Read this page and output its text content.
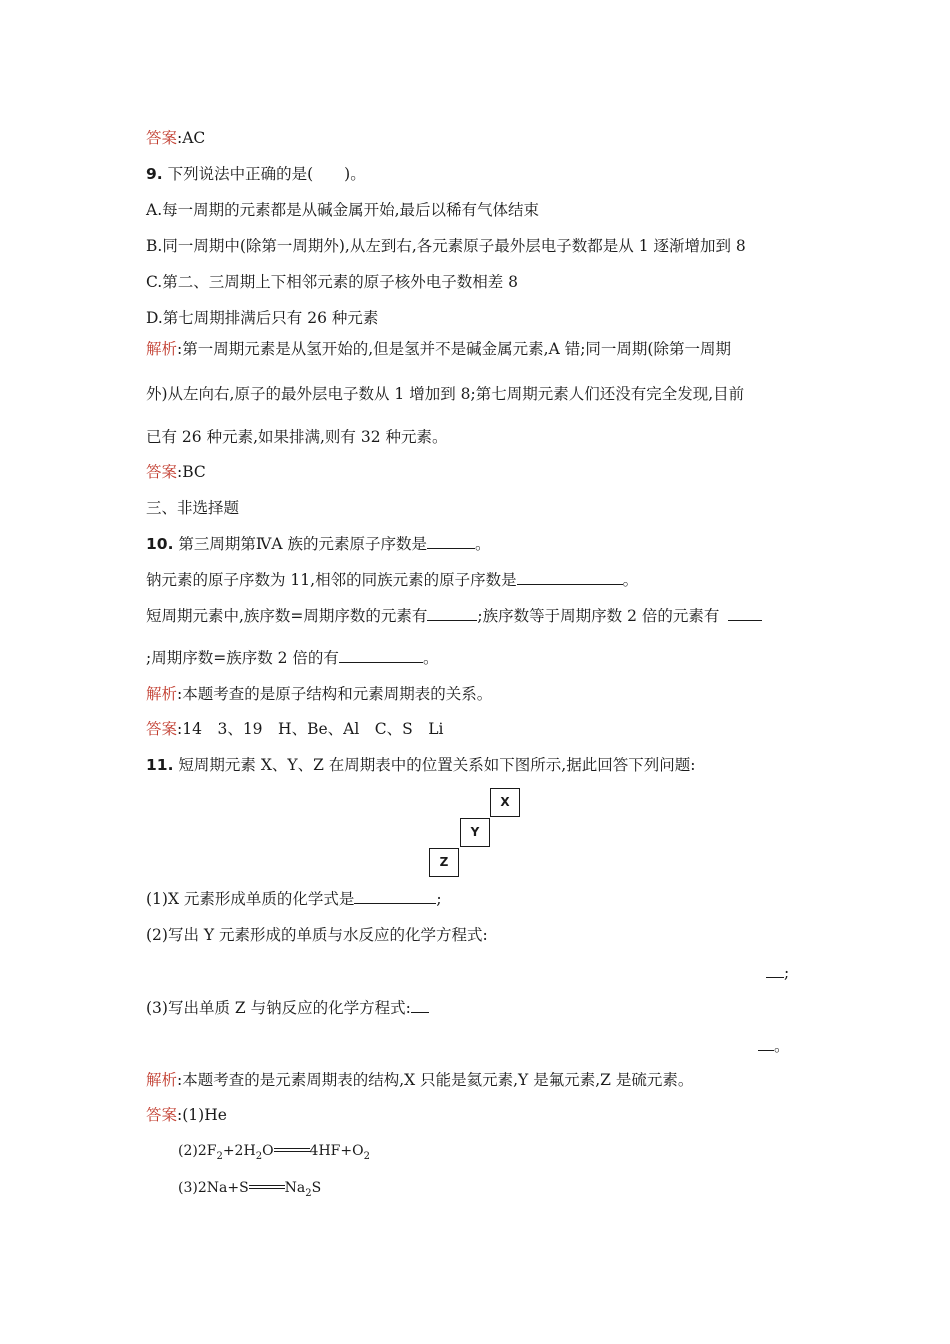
答案:AC
9. 下列说法中正确的是(　　)。
A.每一周期的元素都是从碱金属开始,最后以稀有气体结束
B.同一周期中(除第一周期外),从左到右,各元素原子最外层电子数都是从 1 逐渐增加到 8
C.第二、三周期上下相邻元素的原子核外电子数相差 8
D.第七周期排满后只有 26 种元素
解析:第一周期元素是从氢开始的,但是氢并不是碱金属元素,A 错;同一周期(除第一周期
外)从左向右,原子的最外层电子数从 1 增加到 8;第七周期元素人们还没有完全发现,目前
已有 26 种元素,如果排满,则有 32 种元素。
答案:BC
三、非选择题
10. 第三周期第ⅣA 族的元素原子序数是	。
钠元素的原子序数为 11,相邻的同族元素的原子序数是	。
短周期元素中,族序数=周期序数的元素有	;族序数等于周期序数 2 倍的元素有
;周期序数=族序数 2 倍的有	。
解析:本题考查的是原子结构和元素周期表的关系。
答案:14　3、19　H、Be、Al　C、S　Li
11. 短周期元素 X、Y、Z 在周期表中的位置关系如下图所示,据此回答下列问题:
X
Y
Z
(1)X 元素形成单质的化学式是	;
(2)写出 Y 元素形成的单质与水反应的化学方程式:
;
(3)写出单质 Z 与钠反应的化学方程式:
。
解析:本题考查的是元素周期表的结构,X 只能是氦元素,Y 是氟元素,Z 是硫元素。
答案:(1)He
$(2)2F_2+2H_2O$	$4HF+O_2$
(3)2Na+S	$Na_2S$
